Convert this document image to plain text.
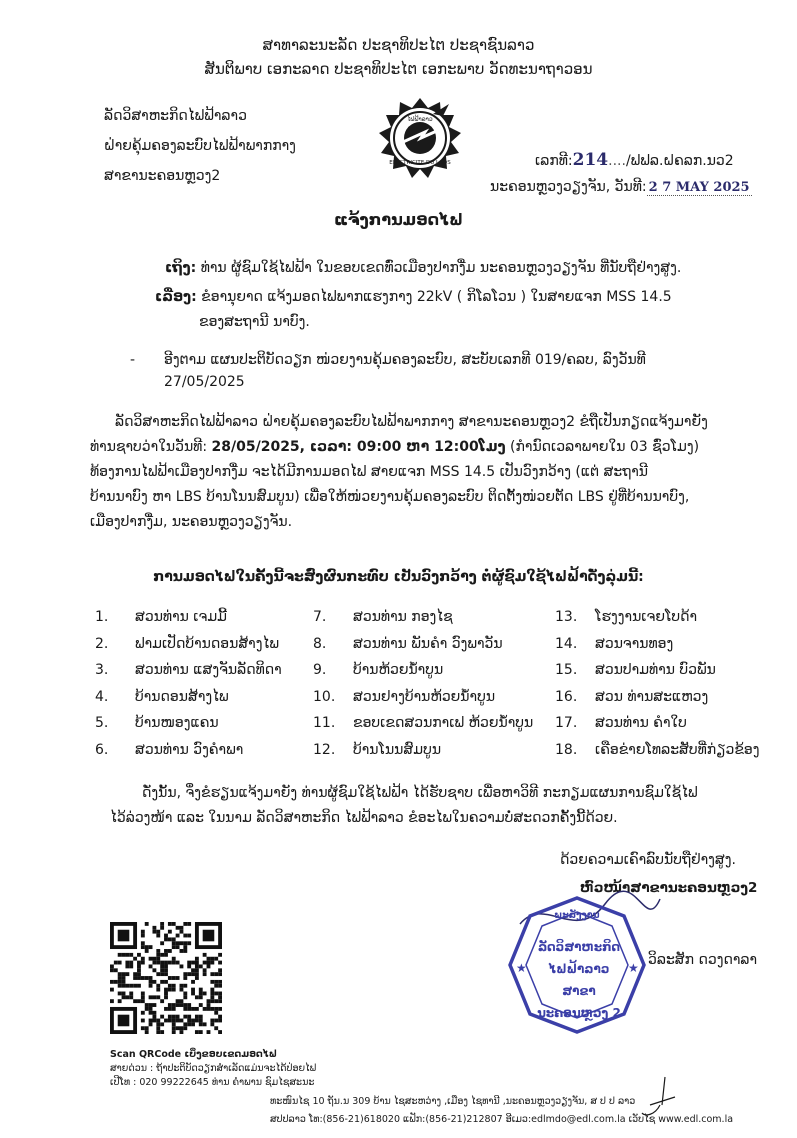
ສາທາລະນະລັດ ປະຊາທິປະໄຕ ປະຊາຊົນລາວ
ສັນຕິພາບ ເອກະລາດ ປະຊາທິປະໄຕ ເອກະພາບ ວັດທະນາຖາວອນ
ລັດວິສາຫະກິດໄຟຟ້າລາວ
ຝ່າຍຄຸ້ມຄອງລະບົບໄຟຟ້າພາກກາງ
ສາຂານະຄອນຫຼວງ2
ໄຟຟ້າລາວ
ELECTRICITE DU LAOS	ເລກທີ:214..../ຟຟລ.ຝຄລກ.ນວ2
ນະຄອນຫຼວງວຽງຈັນ, ວັນທີ: 2 7 MAY 2025
ແຈ້ງການມອດໄຟ
ເຖິງ: ທ່ານ ຜູ້ຊົມໃຊ້ໄຟຟ້າ ໃນຂອບເຂດທົ່ວເມືອງປາກງື່ມ ນະຄອນຫຼວງວຽງຈັນ ທີ່ນັບຖືຢ່າງສູງ.
ເລື່ອງ: ຂໍອານຸຍາດ ແຈ້ງມອດໄຟພາກແຮງກາງ 22kV ( ກິໂລໂວນ ) ໃນສາຍແຈກ MSS 14.5
ຂອງສະຖານີ ນາບົງ.
- ອີງຕາມ ແຜນປະຕິບັດວຽກ ໜ່ວຍງານຄຸ້ມຄອງລະບົບ, ສະບັບເລກທີ 019/ຄລບ, ລົງວັນທີ
27/05/2025
ລັດວິສາຫະກິດໄຟຟ້າລາວ ຝ່າຍຄຸ້ມຄອງລະບົບໄຟຟ້າພາກກາງ ສາຂານະຄອນຫຼວງ2 ຂໍຖືເປັນກຽດແຈ້ງມາຍັງ
ທ່ານຊາບວ່າໃນວັນທີ: 28/05/2025, ເວລາ: 09:00 ຫາ 12:00ໂມງ (ກໍານົດເວລາພາຍໃນ 03 ຊົ່ວໂມງ)
ທ້ອງການໄຟຟ້າເມືອງປາກງື່ມ ຈະໄດ້ມີການມອດໄຟ ສາຍແຈກ MSS 14.5 ເປັນວົງກວ້າງ (ແຕ່ ສະຖານີ
ບ້ານນາບົງ ຫາ LBS ບ້ານໂນນສົມບູນ) ເພື່ອໃຫ້ໜ່ວຍງານຄຸ້ມຄອງລະບົບ ຕິດຕັ້ງໜ່ວຍຕັດ LBS ຢູ່ທີ່ບ້ານນາບົງ,
ເມືອງປາກງື່ມ, ນະຄອນຫຼວງວຽງຈັນ.
ການມອດໄຟໃນຄັ້ງນີ້ຈະສົ່ງຜົນກະທົບ ເປັນວົງກວ້າງ ຕໍ່ຜູ້ຊົມໃຊ້ໄຟຟ້າດັ່ງລຸ່ມນີ້:
1. ສວນທ່ານ ເຈມມີ້
2. ຟາມເປັດບ້ານດອນສ້າງໄພ
3. ສວນທ່ານ ແສງຈັນລັດທິດາ
4. ບ້ານດອນສ້າງໄພ
5. ບ້ານໜອງແຄນ
6. ສວນທ່ານ ວົງຄໍາພາ
7. ສວນທ່ານ ກອງໄຊ
8. ສວນທ່ານ ພັນຄໍາ ວົງພາວັນ
9. ບ້ານຫ້ວຍນໍ້າບູນ
10. ສວນຢາງບ້ານຫ້ວຍນໍ້າບູນ
11. ຂອບເຂດສວນກາເຟ ຫ້ວຍນໍ້າບູນ
12. ບ້ານໂນນສົມບູນ
13. ໂຮງງານເຈຍໂບດ້າ
14. ສວນຈານທອງ
15. ສວນປາມທ່ານ ບົວພັນ
16. ສວນ ທ່ານສະແຫວງ
17. ສວນທ່ານ ຄໍາໃບ
18. ເຄືອຂ່າຍໂທລະສັບທີ່ກ່ຽວຂ້ອງ
ດັ່ງນັ້ນ, ຈຶ່ງຂໍຮຽນແຈ້ງມາຍັງ ທ່ານຜູ້ຊົມໃຊ້ໄຟຟ້າ ໄດ້ຮັບຊາບ ເພື່ອຫາວິທີ ກະກຽມແຜນການຊົມໃຊ້ໄຟ
ໄວ້ລ່ວງໜ້າ ແລະ ໃນນາມ ລັດວິສາຫະກິດ ໄຟຟ້າລາວ ຂໍອະໄພໃນຄວາມບໍ່ສະດວກຄັ້ງນີ້ດ້ວຍ.
ດ້ວຍຄວາມເຄົາລົບນັບຖືຢ່າງສູງ.
ຫົວໜ້າສາຂານະຄອນຫຼວງ2
★	★
ພະລັງງານ
ລັດວິສາຫະກິດ
ໄຟຟ້າລາວ ສາຂາ
ນະຄອນຫຼວງ 2
ວິລະສັກ ດວງດາລາ
Scan QRCode ເບິ່ງຂອບເຂດມອດໄຟ
ສາຍດ່ວນ : ຖ້າປະຕິບັດວຽກສໍາເລັດແມ່ນຈະໄດ້ປ່ອຍໄຟ
ເປີໂທ : 020 99222645 ທ່ານ ຄໍາພານ ຊົມໄຊສະນະ
ທະໜົນໄຊ 10 ຖັນ.ນ 309 ບ້ານ ໄຊສະຫວ່າງ ,ເມືອງ ໄຊທານີ ,ນະຄອນຫຼວງວຽງຈັນ, ສ ປ ປ ລາວ
ສປປລາວ ໂທ:(856-21)618020 ແຟັກ:(856-21)212807 ອີເມວ:edlmdo@edl.com.la ເວັບໄຊ www.edl.com.la
